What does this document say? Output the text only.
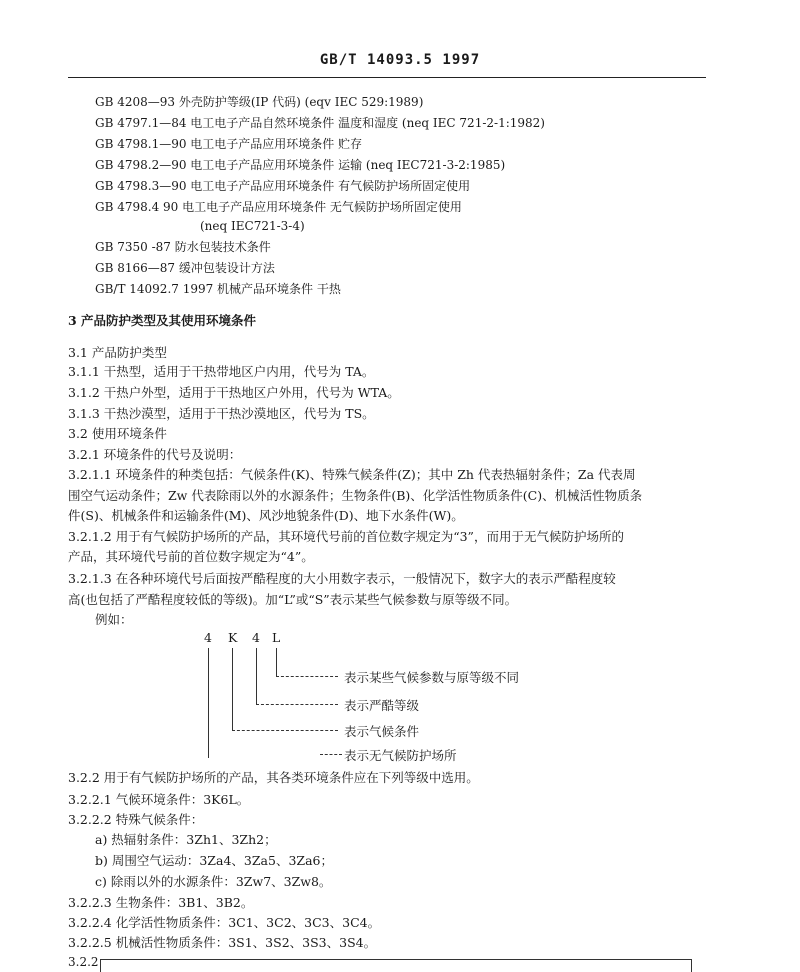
GB/T 14093.5 1997
GB 4208—93 外壳防护等级(IP 代码) (eqv IEC 529:1989)
GB 4797.1—84 电工电子产品自然环境条件 温度和湿度 (neq IEC 721-2-1:1982)
GB 4798.1—90 电工电子产品应用环境条件 贮存
GB 4798.2—90 电工电子产品应用环境条件 运输 (neq IEC721-3-2:1985)
GB 4798.3—90 电工电子产品应用环境条件 有气候防护场所固定使用
GB 4798.4 90 电工电子产品应用环境条件 无气候防护场所固定使用
(neq IEC721-3-4)
GB 7350 -87 防水包装技术条件
GB 8166—87 缓冲包装设计方法
GB/T 14092.7 1997 机械产品环境条件 干热
3 产品防护类型及其使用环境条件
3.1 产品防护类型
3.1.1 干热型，适用于干热带地区户内用，代号为 TA。
3.1.2 干热户外型，适用于干热地区户外用，代号为 WTA。
3.1.3 干热沙漠型，适用于干热沙漠地区，代号为 TS。
3.2 使用环境条件
3.2.1 环境条件的代号及说明：
3.2.1.1 环境条件的种类包括：气候条件(K)、特殊气候条件(Z)；其中 Zh 代表热辐射条件；Za 代表周
围空气运动条件；Zw 代表除雨以外的水源条件；生物条件(B)、化学活性物质条件(C)、机械活性物质条
件(S)、机械条件和运输条件(M)、风沙地貌条件(D)、地下水条件(W)。
3.2.1.2 用于有气候防护场所的产品，其环境代号前的首位数字规定为“3”，而用于无气候防护场所的
产品，其环境代号前的首位数字规定为“4”。
3.2.1.3 在各种环境代号后面按严酷程度的大小用数字表示，一般情况下，数字大的表示严酷程度较
高(也包括了严酷程度较低的等级)。加“L”或“S”表示某些气候参数与原等级不同。
例如：
4 K 4 L
表示某些气候参数与原等级不同
表示严酷等级
表示气候条件
表示无气候防护场所
3.2.2 用于有气候防护场所的产品，其各类环境条件应在下列等级中选用。
3.2.2.1 气候环境条件：3K6L。
3.2.2.2 特殊气候条件：
a) 热辐射条件：3Zh1、3Zh2；
b) 周围空气运动：3Za4、3Za5、3Za6；
c) 除雨以外的水源条件：3Zw7、3Zw8。
3.2.2.3 生物条件：3B1、3B2。
3.2.2.4 化学活性物质条件：3C1、3C2、3C3、3C4。
3.2.2.5 机械活性物质条件：3S1、3S2、3S3、3S4。
3.2.2
